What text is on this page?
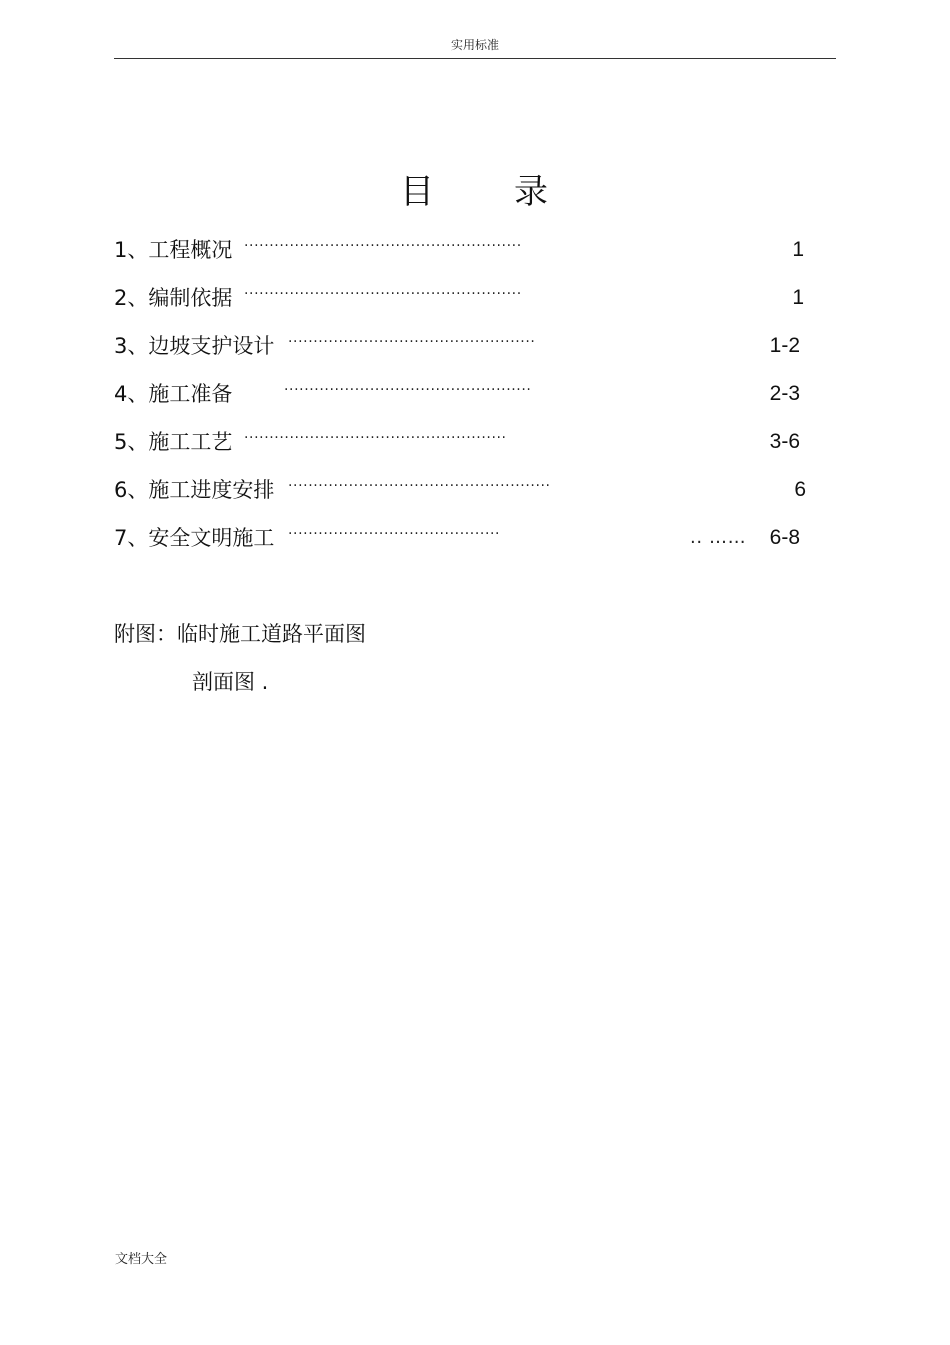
实用标准
目 录
1、工程概况 ·······················································	1
2、编制依据 ·······················································	1
3、边坡支护设计 ·················································	1-2
4、施工准备	·················································	2-3
5、施工工艺 ····················································	3-6
6、施工进度安排 ····················································	6
7、安全文明施工 ··········································	.. ……	6-8
附图：临时施工道路平面图
剖面图 .
文档大全
